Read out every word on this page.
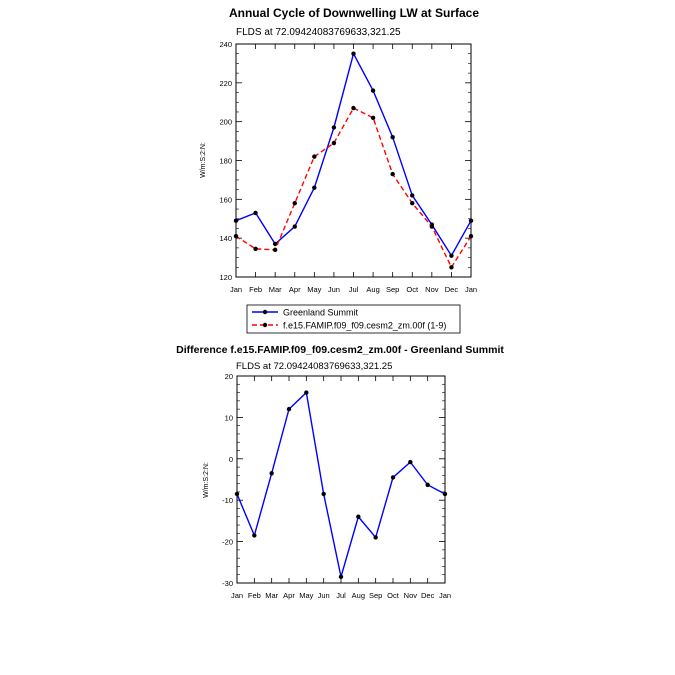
Annual Cycle of Downwelling LW at Surface
FLDS at 72.09424083769633,321.25
W/m:S:2:N:
120
140
160
180
200
220
240
Jan Feb Mar Apr May Jun Jul Aug Sep Oct Nov Dec Jan
Greenland Summit
f.e15.FAMIP.f09_f09.cesm2_zm.00f (1-9)
Difference f.e15.FAMIP.f09_f09.cesm2_zm.00f - Greenland Summit
FLDS at 72.09424083769633,321.25
W/m:S:2:N:
-30
-20
-10
0
10
20
Jan Feb Mar Apr May Jun Jul Aug Sep Oct Nov Dec Jan
